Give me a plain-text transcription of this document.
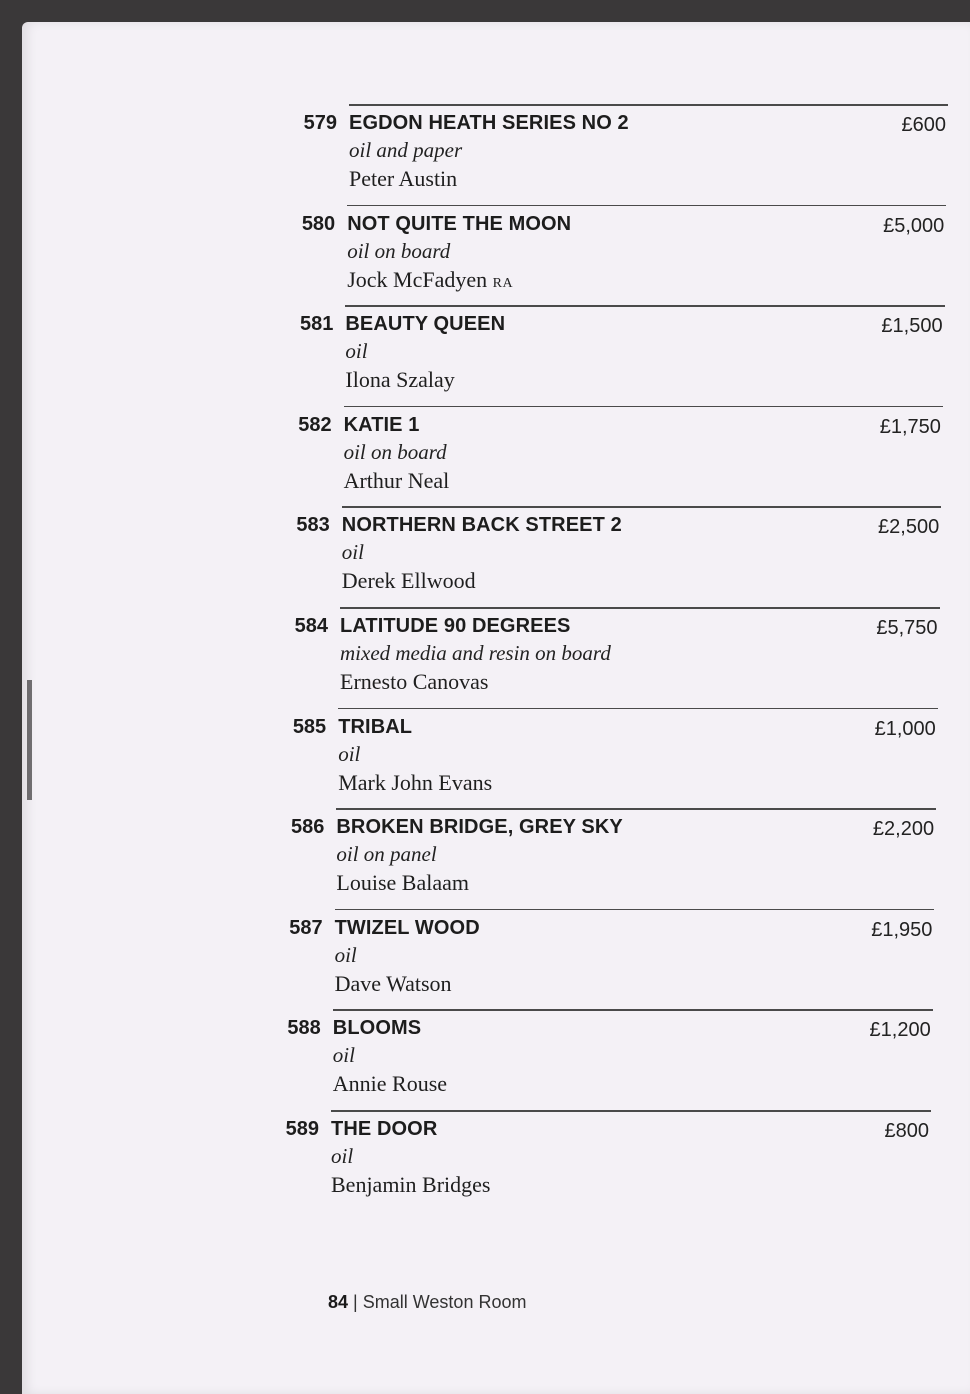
579 EGDON HEATH SERIES NO 2
oil and paper
Peter Austin
£600
580 NOT QUITE THE MOON
oil on board
Jock McFadyen RA
£5,000
581 BEAUTY QUEEN
oil
Ilona Szalay
£1,500
582 KATIE 1
oil on board
Arthur Neal
£1,750
583 NORTHERN BACK STREET 2
oil
Derek Ellwood
£2,500
584 LATITUDE 90 DEGREES
mixed media and resin on board
Ernesto Canovas
£5,750
585 TRIBAL
oil
Mark John Evans
£1,000
586 BROKEN BRIDGE, GREY SKY
oil on panel
Louise Balaam
£2,200
587 TWIZEL WOOD
oil
Dave Watson
£1,950
588 BLOOMS
oil
Annie Rouse
£1,200
589 THE DOOR
oil
Benjamin Bridges
£800
84 | Small Weston Room
